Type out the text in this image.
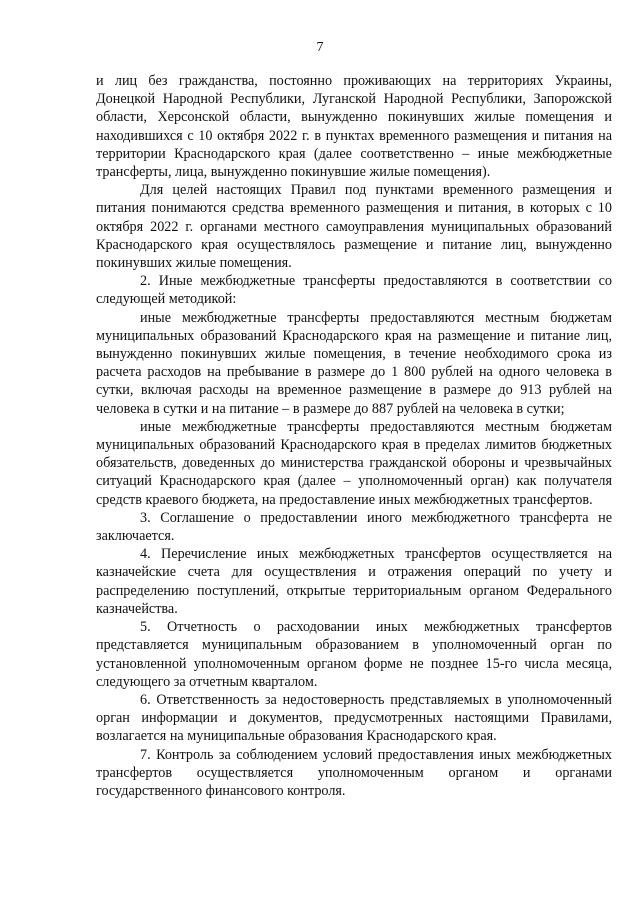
7

и лиц без гражданства, постоянно проживающих на территориях Украины, Донецкой Народной Республики, Луганской Народной Республики, Запорожской области, Херсонской области, вынужденно покинувших жилые помещения и находившихся с 10 октября 2022 г. в пунктах временного размещения и питания на территории Краснодарского края (далее соответственно – иные межбюджетные трансферты, лица, вынужденно покинувшие жилые помещения).

Для целей настоящих Правил под пунктами временного размещения и питания понимаются средства временного размещения и питания, в которых с 10 октября 2022 г. органами местного самоуправления муниципальных образований Краснодарского края осуществлялось размещение и питание лиц, вынужденно покинувших жилые помещения.

2. Иные межбюджетные трансферты предоставляются в соответствии со следующей методикой:

иные межбюджетные трансферты предоставляются местным бюджетам муниципальных образований Краснодарского края на размещение и питание лиц, вынужденно покинувших жилые помещения, в течение необходимого срока из расчета расходов на пребывание в размере до 1 800 рублей на одного человека в сутки, включая расходы на временное размещение в размере до 913 рублей на человека в сутки и на питание – в размере до 887 рублей на человека в сутки;

иные межбюджетные трансферты предоставляются местным бюджетам муниципальных образований Краснодарского края в пределах лимитов бюджетных обязательств, доведенных до министерства гражданской обороны и чрезвычайных ситуаций Краснодарского края (далее – уполномоченный орган) как получателя средств краевого бюджета, на предоставление иных межбюджетных трансфертов.

3. Соглашение о предоставлении иного межбюджетного трансферта не заключается.

4. Перечисление иных межбюджетных трансфертов осуществляется на казначейские счета для осуществления и отражения операций по учету и распределению поступлений, открытые территориальным органом Федерального казначейства.

5. Отчетность о расходовании иных межбюджетных трансфертов представляется муниципальным образованием в уполномоченный орган по установленной уполномоченным органом форме не позднее 15-го числа месяца, следующего за отчетным кварталом.

6. Ответственность за недостоверность представляемых в уполномоченный орган информации и документов, предусмотренных настоящими Правилами, возлагается на муниципальные образования Краснодарского края.

7. Контроль за соблюдением условий предоставления иных межбюджетных трансфертов осуществляется уполномоченным органом и органами государственного финансового контроля.
